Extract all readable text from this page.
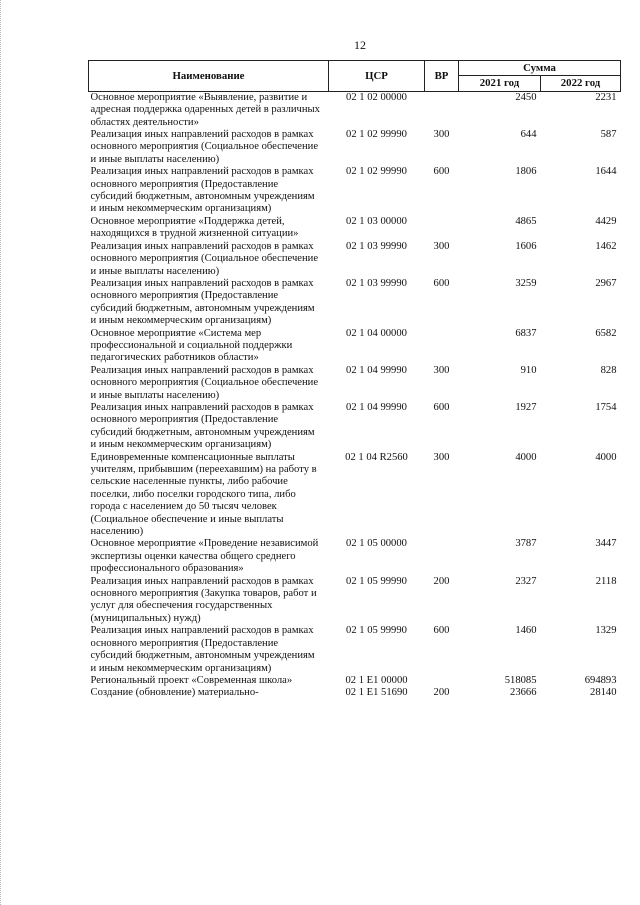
12
Наименование	ЦСР	ВР	Сумма	
			2021 год	2022 год
Основное мероприятие «Выявление, развитие и адресная поддержка одаренных детей в различных областях деятельности»	02 1 02 00000		2450	2231
Реализация иных направлений расходов в рамках основного мероприятия (Социальное обеспечение и иные выплаты населению)	02 1 02 99990	300	644	587
Реализация иных направлений расходов в рамках основного мероприятия (Предоставление субсидий бюджетным, автономным учреждениям и иным некоммерческим организациям)	02 1 02 99990	600	1806	1644
Основное мероприятие «Поддержка детей, находящихся в трудной жизненной ситуации»	02 1 03 00000		4865	4429
Реализация иных направлений расходов в рамках основного мероприятия (Социальное обеспечение и иные выплаты населению)	02 1 03 99990	300	1606	1462
Реализация иных направлений расходов в рамках основного мероприятия (Предоставление субсидий бюджетным, автономным учреждениям и иным некоммерческим организациям)	02 1 03 99990	600	3259	2967
Основное мероприятие «Система мер профессиональной и социальной поддержки педагогических работников области»	02 1 04 00000		6837	6582
Реализация иных направлений расходов в рамках основного мероприятия (Социальное обеспечение и иные выплаты населению)	02 1 04 99990	300	910	828
Реализация иных направлений расходов в рамках основного мероприятия (Предоставление субсидий бюджетным, автономным учреждениям и иным некоммерческим организациям)	02 1 04 99990	600	1927	1754
Единовременные компенсационные выплаты учителям, прибывшим (переехавшим) на работу в сельские населенные пункты, либо рабочие поселки, либо поселки городского типа, либо города с населением до 50 тысяч человек (Социальное обеспечение и иные выплаты населению)	02 1 04 R2560	300	4000	4000
Основное мероприятие «Проведение независимой экспертизы оценки качества общего среднего профессионального образования»	02 1 05 00000		3787	3447
Реализация иных направлений расходов в рамках основного мероприятия (Закупка товаров, работ и услуг для обеспечения государственных (муниципальных) нужд)	02 1 05 99990	200	2327	2118
Реализация иных направлений расходов в рамках основного мероприятия (Предоставление субсидий бюджетным, автономным учреждениям и иным некоммерческим организациям)	02 1 05 99990	600	1460	1329
Региональный проект «Современная школа»	02 1 E1 00000		518085	694893
Создание (обновление) материально-	02 1 E1 51690	200	23666	28140
